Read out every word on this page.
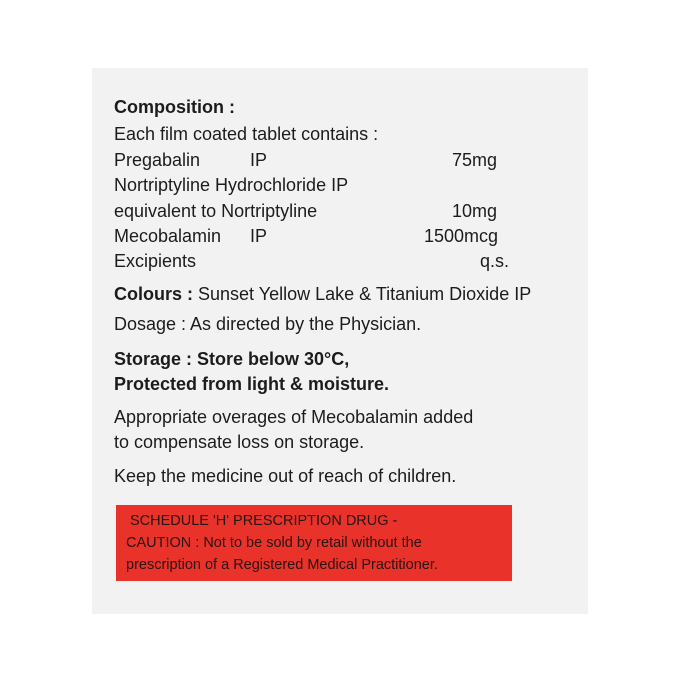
Composition :
Each film coated tablet contains :
Pregabalin	IP	75mg
Nortriptyline Hydrochloride IP
equivalent to Nortriptyline	10mg
Mecobalamin IP	1500mcg
Excipients	q.s.
Colours : Sunset Yellow Lake & Titanium Dioxide IP
Dosage : As directed by the Physician.
Storage : Store below 30°C,
Protected from light & moisture.
Appropriate overages of Mecobalamin added
to compensate loss on storage.
Keep the medicine out of reach of children.
SCHEDULE 'H' PRESCRIPTION DRUG -
CAUTION : Not to be sold by retail without the
prescription of a Registered Medical Practitioner.
